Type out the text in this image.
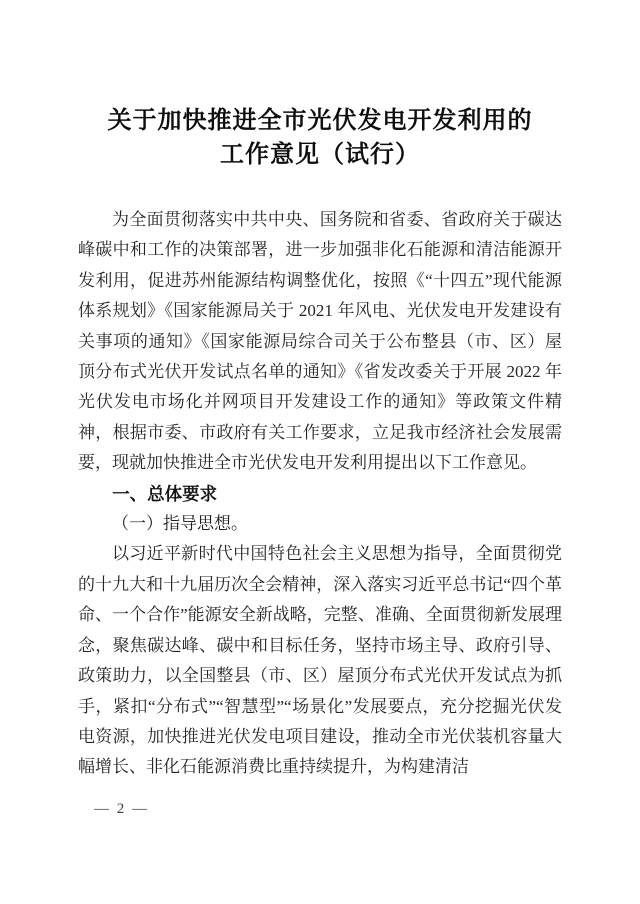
关于加快推进全市光伏发电开发利用的
工作意见（试行）

为全面贯彻落实中共中央、国务院和省委、省政府关于碳达峰碳中和工作的决策部署，进一步加强非化石能源和清洁能源开发利用，促进苏州能源结构调整优化，按照《“十四五”现代能源体系规划》《国家能源局关于 2021 年风电、光伏发电开发建设有关事项的通知》《国家能源局综合司关于公布整县（市、区）屋顶分布式光伏开发试点名单的通知》《省发改委关于开展 2022 年光伏发电市场化并网项目开发建设工作的通知》等政策文件精神，根据市委、市政府有关工作要求，立足我市经济社会发展需要，现就加快推进全市光伏发电开发利用提出以下工作意见。

一、总体要求

（一）指导思想。

以习近平新时代中国特色社会主义思想为指导，全面贯彻党的十九大和十九届历次全会精神，深入落实习近平总书记“四个革命、一个合作”能源安全新战略，完整、准确、全面贯彻新发展理念，聚焦碳达峰、碳中和目标任务，坚持市场主导、政府引导、政策助力，以全国整县（市、区）屋顶分布式光伏开发试点为抓手，紧扣“分布式”“智慧型”“场景化”发展要点，充分挖掘光伏发电资源，加快推进光伏发电项目建设，推动全市光伏装机容量大幅增长、非化石能源消费比重持续提升，为构建清洁

— 2 —
